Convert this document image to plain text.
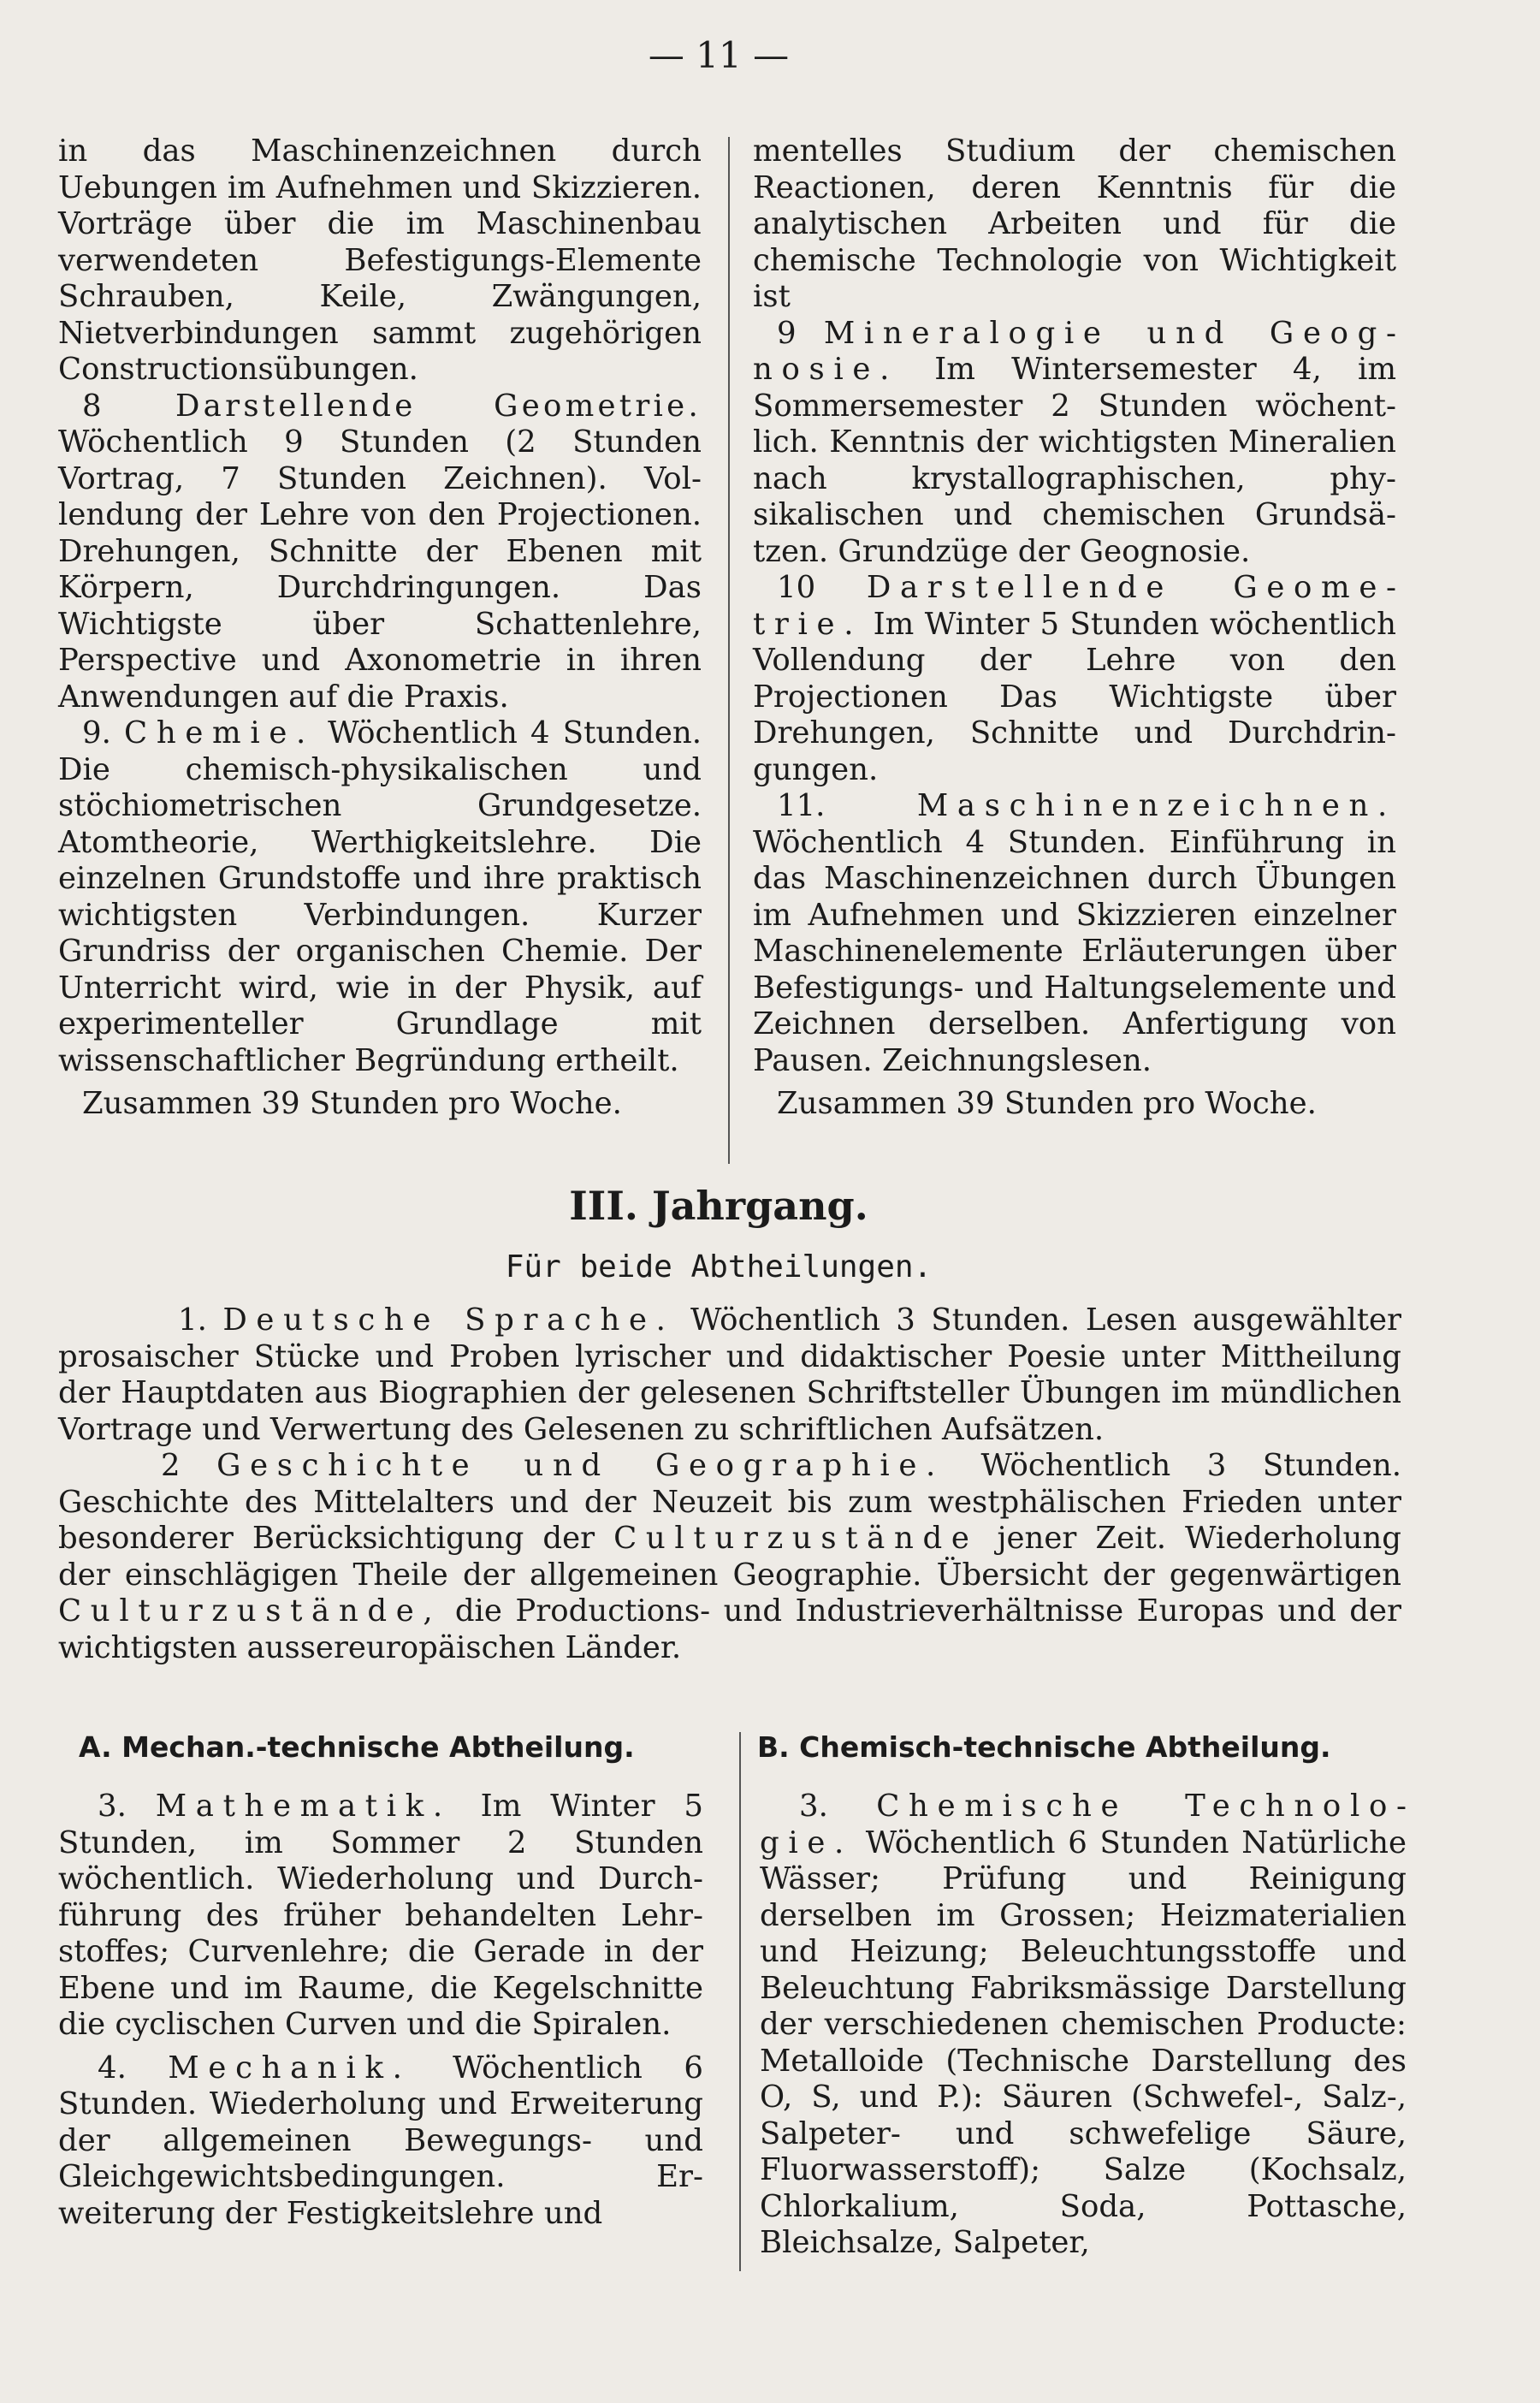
— 11 —

in das Maschinenzeichnen durch Uebungen im Aufnehmen und Skizzieren. Vorträge über die im Maschinenbau verwendeten Befestigungs-Elemente Schrauben, Keile, Zwängungen, Nietverbindungen sammt zugehörigen Constructionsübungen.

8 Darstellende Geometrie. Wöchentlich 9 Stunden (2 Stunden Vortrag, 7 Stunden Zeichnen). Vollendung der Lehre von den Projectionen. Drehungen, Schnitte der Ebenen mit Körpern, Durchdringungen. Das Wichtigste über Schattenlehre, Perspective und Axonometrie in ihren Anwendungen auf die Praxis.

9. Chemie. Wöchentlich 4 Stunden. Die chemisch-physikalischen und stöchiometrischen Grundgesetze. Atomtheorie, Werthigkeitslehre. Die einzelnen Grundstoffe und ihre praktisch wichtigsten Verbindungen. Kurzer Grundriss der organischen Chemie. Der Unterricht wird, wie in der Physik, auf experimenteller Grundlage mit wissenschaftlicher Begründung ertheilt.

Zusammen 39 Stunden pro Woche.

mentelles Studium der chemischen Reactionen, deren Kenntnis für die analytischen Arbeiten und für die chemische Technologie von Wichtigkeit ist

9 Mineralogie und Geognosie. Im Wintersemester 4, im Sommersemester 2 Stunden wöchentlich. Kenntnis der wichtigsten Mineralien nach krystallographischen, physikalischen und chemischen Grundsätzen. Grundzüge der Geognosie.

10 Darstellende Geometrie. Im Winter 5 Stunden wöchentlich Vollendung der Lehre von den Projectionen Das Wichtigste über Drehungen, Schnitte und Durchdringungen.

11.	Maschinenzeichnen. Wöchentlich 4 Stunden. Einführung in das Maschinenzeichnen durch Übungen im Aufnehmen und Skizzieren einzelner Maschinenelemente Erläuterungen über Befestigungs- und Haltungselemente und Zeichnen derselben. Anfertigung von Pausen. Zeichnungslesen.

Zusammen 39 Stunden pro Woche.

III. Jahrgang.
Für beide Abtheilungen.

1. Deutsche Sprache. Wöchentlich 3 Stunden. Lesen ausgewählter prosaischer Stücke und Proben lyrischer und didaktischer Poesie unter Mittheilung der Hauptdaten aus Biographien der gelesenen Schriftsteller Übungen im mündlichen Vortrage und Verwertung des Gelesenen zu schriftlichen Aufsätzen.

2 Geschichte und Geographie. Wöchentlich 3 Stunden. Geschichte des Mittelalters und der Neuzeit bis zum westphälischen Frieden unter besonderer Berücksichtigung der Culturzustände jener Zeit. Wiederholung der einschlägigen Theile der allgemeinen Geographie. Übersicht der gegenwärtigen Culturzustände, die Productions- und Industrieverhältnisse Europas und der wichtigsten aussereuropäischen Länder.

A. Mechan.-technische Abtheilung.	B. Chemisch-technische Abtheilung.

3. Mathematik. Im Winter 5 Stunden, im Sommer 2 Stunden wöchentlich. Wiederholung und Durchführung des früher behandelten Lehrstoffes; Curvenlehre; die Gerade in der Ebene und im Raume, die Kegelschnitte die cyclischen Curven und die Spiralen.

4. Mechanik. Wöchentlich 6 Stunden. Wiederholung und Erweiterung der allgemeinen Bewegungs- und Gleichgewichtsbedingungen. Erweiterung der Festigkeitslehre und

3. Chemische Technologie. Wöchentlich 6 Stunden Natürliche Wässer; Prüfung und Reinigung derselben im Grossen; Heizmaterialien und Heizung; Beleuchtungsstoffe und Beleuchtung Fabriksmässige Darstellung der verschiedenen chemischen Producte: Metalloide (Technische Darstellung des O, S, und P.): Säuren (Schwefel-, Salz-, Salpeter- und schwefelige Säure, Fluorwasserstoff); Salze (Kochsalz, Chlorkalium, Soda, Pottasche, Bleichsalze, Salpeter,
